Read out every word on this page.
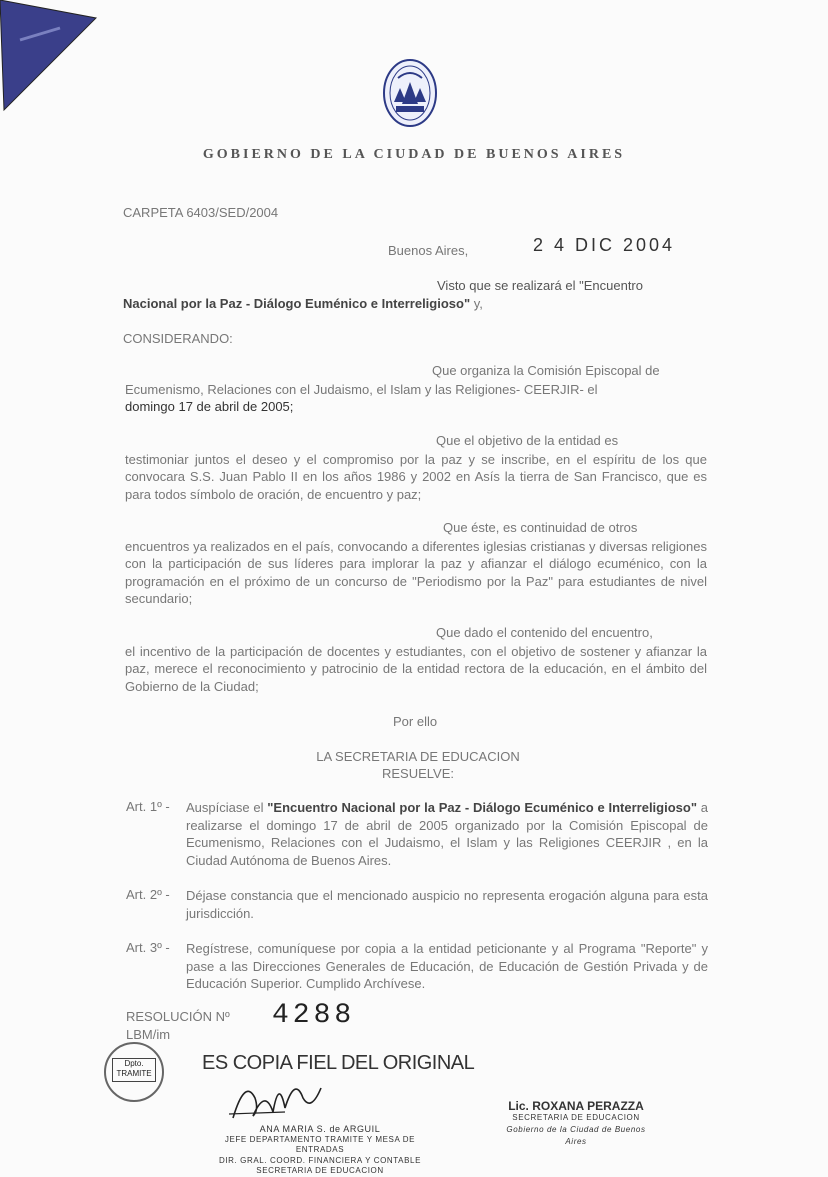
GOBIERNO DE LA CIUDAD DE BUENOS AIRES
CARPETA 6403/SED/2004
Buenos Aires,	2 4 DIC 2004
Visto que se realizará el "Encuentro
Nacional por la Paz - Diálogo Euménico e Interreligioso" y,
CONSIDERANDO:
Que organiza la Comisión Episcopal de
Ecumenismo, Relaciones con el Judaismo, el Islam y las Religiones- CEERJIR- el
domingo 17 de abril de 2005;
Que el objetivo de la entidad es
testimoniar juntos el deseo y el compromiso por la paz y se inscribe, en el espíritu de los que convocara S.S. Juan Pablo II en los años 1986 y 2002 en Asís la tierra de San Francisco, que es para todos símbolo de oración, de encuentro y paz;
Que éste, es continuidad de otros
encuentros ya realizados en el país, convocando a diferentes iglesias cristianas y diversas religiones con la participación de sus líderes para implorar la paz y afianzar el diálogo ecuménico, con la programación en el próximo de un concurso de "Periodismo por la Paz" para estudiantes de nivel secundario;
Que dado el contenido del encuentro,
el incentivo de la participación de docentes y estudiantes, con el objetivo de sostener y afianzar la paz, merece el reconocimiento y patrocinio de la entidad rectora de la educación, en el ámbito del Gobierno de la Ciudad;
Por ello
LA SECRETARIA DE EDUCACION
RESUELVE:
Art. 1º - Auspíciase el "Encuentro Nacional por la Paz - Diálogo Ecuménico e Interreligioso" a realizarse el domingo 17 de abril de 2005 organizado por la Comisión Episcopal de Ecumenismo, Relaciones con el Judaismo, el Islam y las Religiones CEERJIR , en la Ciudad Autónoma de Buenos Aires.
Art. 2º - Déjase constancia que el mencionado auspicio no representa erogación alguna para esta jurisdicción.
Art. 3º - Regístrese, comuníquese por copia a la entidad peticionante y al Programa "Reporte" y pase a las Direcciones Generales de Educación, de Educación de Gestión Privada y de Educación Superior. Cumplido Archívese.
RESOLUCIÓN Nº 4288
LBM/im
Dpto.
TRAMITE	ES COPIA FIEL DEL ORIGINAL
ANA MARIA S. de ARGUIL
JEFE DEPARTAMENTO TRAMITE Y MESA DE ENTRADAS
DIR. GRAL. COORD. FINANCIERA Y CONTABLE
SECRETARIA DE EDUCACION
Lic. ROXANA PERAZZA
SECRETARIA DE EDUCACION
Gobierno de la Ciudad de Buenos Aires
